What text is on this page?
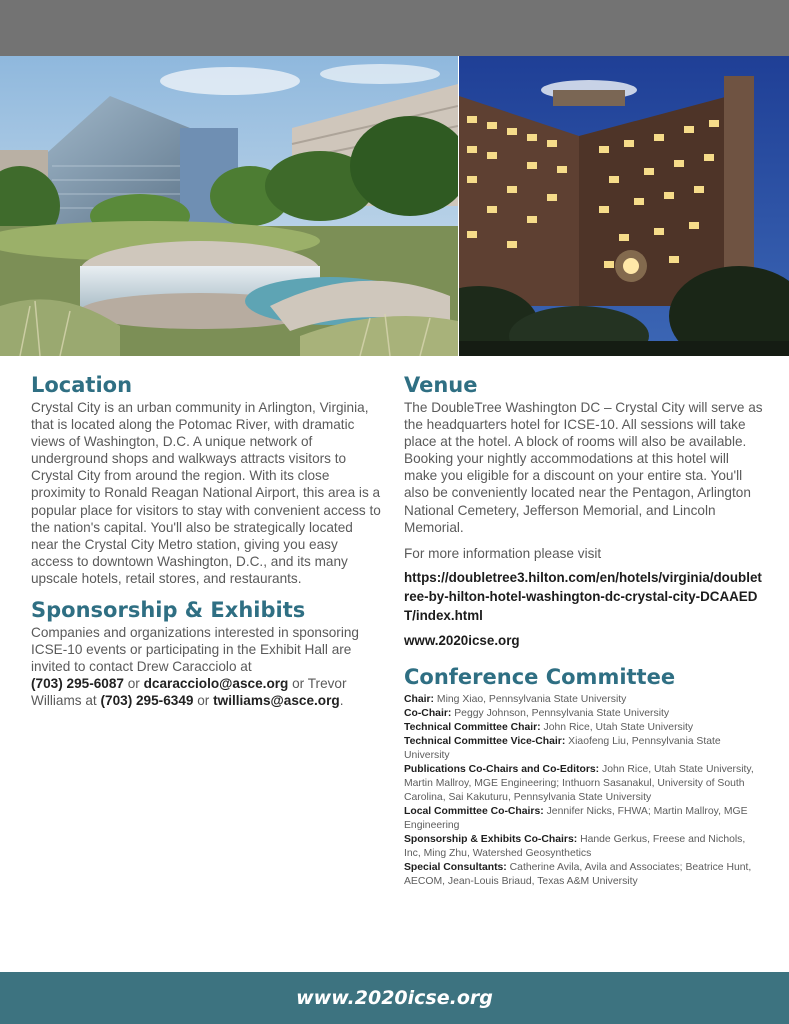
Location

Crystal City is an urban community in Arlington, Virginia, that is located along the Potomac River, with dramatic views of Washington, D.C. A unique network of underground shops and walkways attracts visitors to Crystal City from around the region. With its close proximity to Ronald Reagan National Airport, this area is a popular place for visitors to stay with convenient access to the nation's capital. You'll also be strategically located near the Crystal City Metro station, giving you easy access to downtown Washington, D.C., and its many upscale hotels, retail stores, and restaurants.

Sponsorship & Exhibits

Companies and organizations interested in sponsoring ICSE-10 events or participating in the Exhibit Hall are invited to contact Drew Caracciolo at
(703) 295-6087 or dcaracciolo@asce.org or Trevor Williams at (703) 295-6349 or twilliams@asce.org.

Venue

The DoubleTree Washington DC – Crystal City will serve as the headquarters hotel for ICSE-10. All sessions will take place at the hotel. A block of rooms will also be available. Booking your nightly accommodations at this hotel will make you eligible for a discount on your entire sta. You'll also be conveniently located near the Pentagon, Arlington National Cemetery, Jefferson Memorial, and Lincoln Memorial.

For more information please visit

https://doubletree3.hilton.com/en/hotels/virginia/doubletree-by-hilton-hotel-washington-dc-crystal-city-DCAAEDT/index.html
www.2020icse.org
Conference Committee

Chair: Ming Xiao, Pennsylvania State University

Co-Chair: Peggy Johnson, Pennsylvania State University

Technical Committee Chair: John Rice, Utah State University

Technical Committee Vice-Chair: Xiaofeng Liu, Pennsylvania State University

Publications Co-Chairs and Co-Editors: John Rice, Utah State University, Martin Mallroy, MGE Engineering; Inthuorn Sasanakul, University of South Carolina, Sai Kakuturu, Pennsylvania State University

Local Committee Co-Chairs: Jennifer Nicks, FHWA; Martin Mallroy, MGE Engineering

Sponsorship & Exhibits Co-Chairs: Hande Gerkus, Freese and Nichols, Inc, Ming Zhu, Watershed Geosynthetics

Special Consultants: Catherine Avila, Avila and Associates; Beatrice Hunt, AECOM, Jean-Louis Briaud, Texas A&M University

www.2020icse.org
